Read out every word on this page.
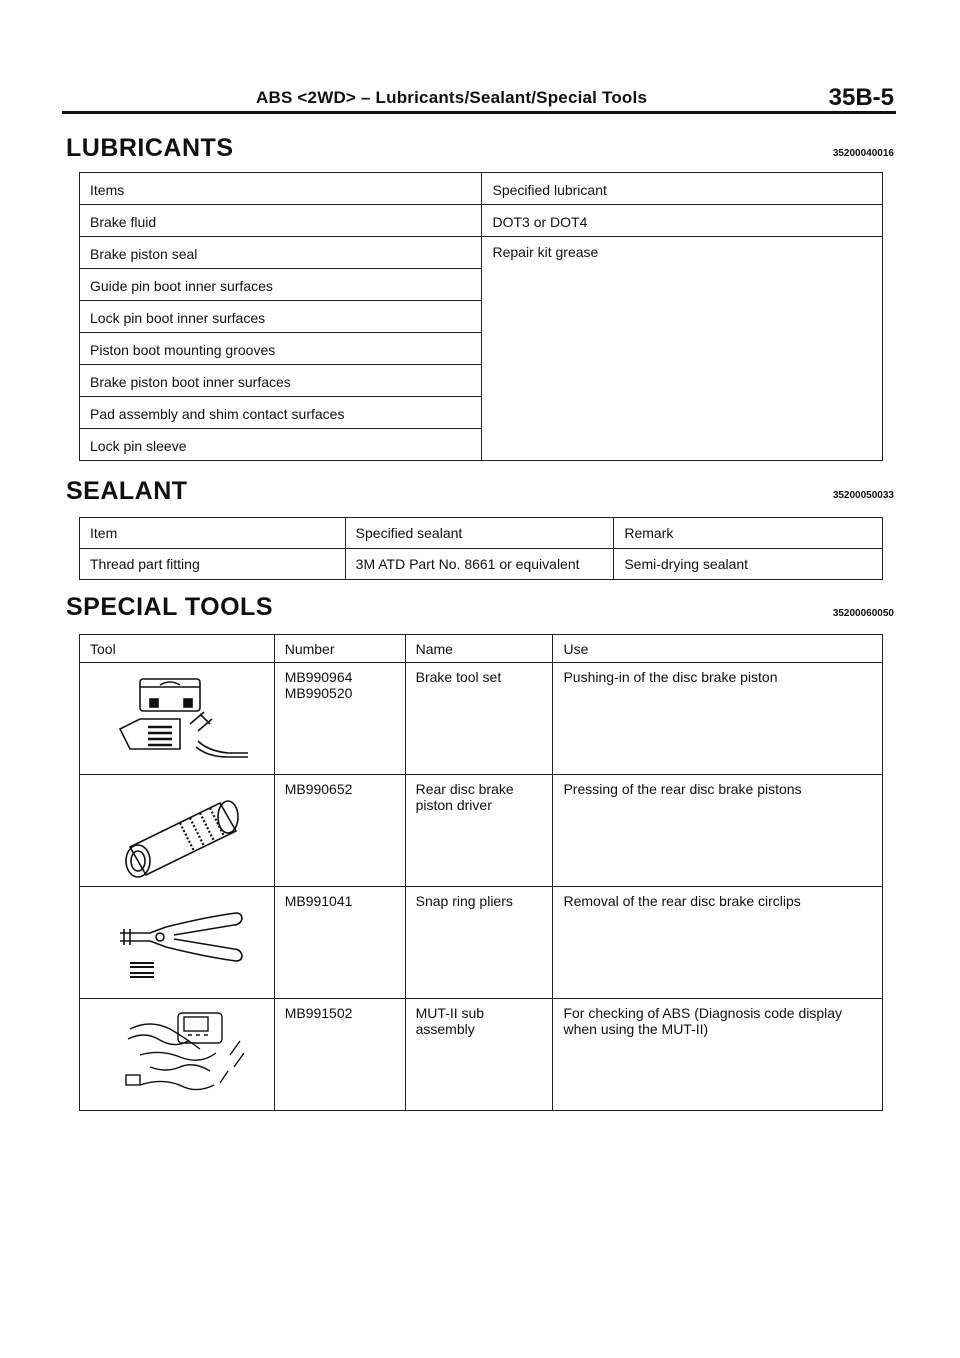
ABS <2WD> – Lubricants/Sealant/Special Tools	35B-5
LUBRICANTS	35200040016
Items	Specified lubricant
Brake fluid	DOT3 or DOT4
Brake piston seal	Repair kit grease
Guide pin boot inner surfaces	
Lock pin boot inner surfaces	
Piston boot mounting grooves	
Brake piston boot inner surfaces	
Pad assembly and shim contact surfaces	
Lock pin sleeve	
SEALANT	35200050033
Item	Specified sealant	Remark
Thread part fitting	3M ATD Part No. 8661 or equivalent	Semi-drying sealant
SPECIAL TOOLS	35200060050
Tool	Number	Name	Use

MB990964
MB990520	Brake tool set	Pushing-in of the disc brake piston

MB990652	Rear disc brake piston driver	Pressing of the rear disc brake pistons

MB991041	Snap ring pliers	Removal of the rear disc brake circlips

MB991502	MUT-II sub assembly	For checking of ABS (Diagnosis code display when using the MUT-II)
